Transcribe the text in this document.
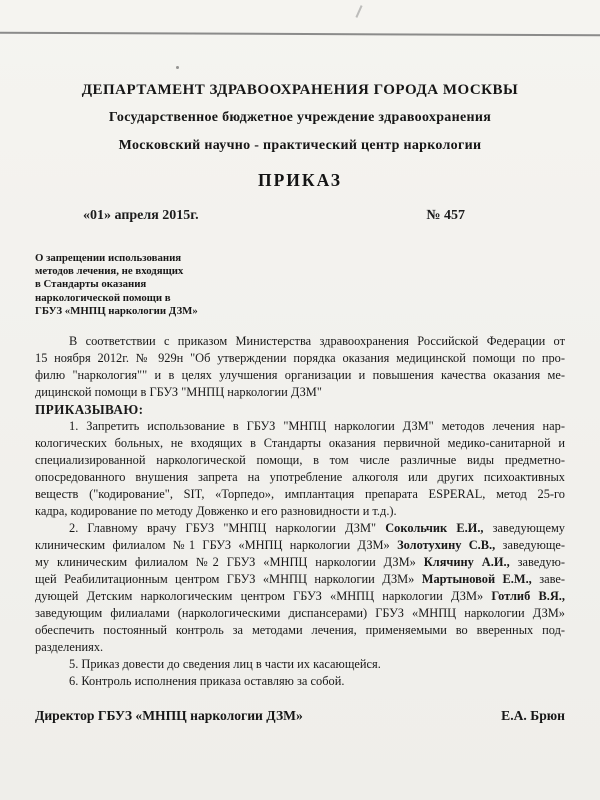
ДЕПАРТАМЕНТ ЗДРАВООХРАНЕНИЯ ГОРОДА МОСКВЫ
Государственное бюджетное учреждение здравоохранения
Московский научно - практический центр наркологии
ПРИКАЗ
«01» апреля 2015г.	№ 457
О запрещении использования
методов лечения, не входящих
в Стандарты оказания
наркологической помощи в
ГБУЗ «МНПЦ наркологии ДЗМ»
В соответствии с приказом Министерства здравоохранения Российской Федерации от
15 ноября 2012г. № 929н "Об утверждении порядка оказания медицинской помощи по про-
филю "наркология"" и в целях улучшения организации и повышения качества оказания ме-
дицинской помощи в ГБУЗ "МНПЦ наркологии ДЗМ"
ПРИКАЗЫВАЮ:
1. Запретить использование в ГБУЗ "МНПЦ наркологии ДЗМ" методов лечения нар-
кологических больных, не входящих в Стандарты оказания первичной медико-санитарной и
специализированной наркологической помощи, в том числе различные виды предметно-
опосредованного внушения запрета на употребление алкоголя или других психоактивных
веществ ("кодирование", SIT, «Торпедо», имплантация препарата ESPERAL, метод 25-го
кадра, кодирование по методу Довженко и его разновидности и т.д.).
2. Главному врачу ГБУЗ "МНПЦ наркологии ДЗМ" Сокольчик Е.И., заведующему
клиническим филиалом №1 ГБУЗ «МНПЦ наркологии ДЗМ» Золотухину С.В., заведующе-
му клиническим филиалом №2 ГБУЗ «МНПЦ наркологии ДЗМ» Клячину А.И., заведую-
щей Реабилитационным центром ГБУЗ «МНПЦ наркологии ДЗМ» Мартыновой Е.М., заве-
дующей Детским наркологическим центром ГБУЗ «МНПЦ наркологии ДЗМ» Готлиб В.Я.,
заведующим филиалами (наркологическими диспансерами) ГБУЗ «МНПЦ наркологии ДЗМ»
обеспечить постоянный контроль за методами лечения, применяемыми во вверенных под-
разделениях.
5. Приказ довести до сведения лиц в части их касающейся.
6. Контроль исполнения приказа оставляю за собой.
Директор ГБУЗ «МНПЦ наркологии ДЗМ»	Е.А. Брюн
